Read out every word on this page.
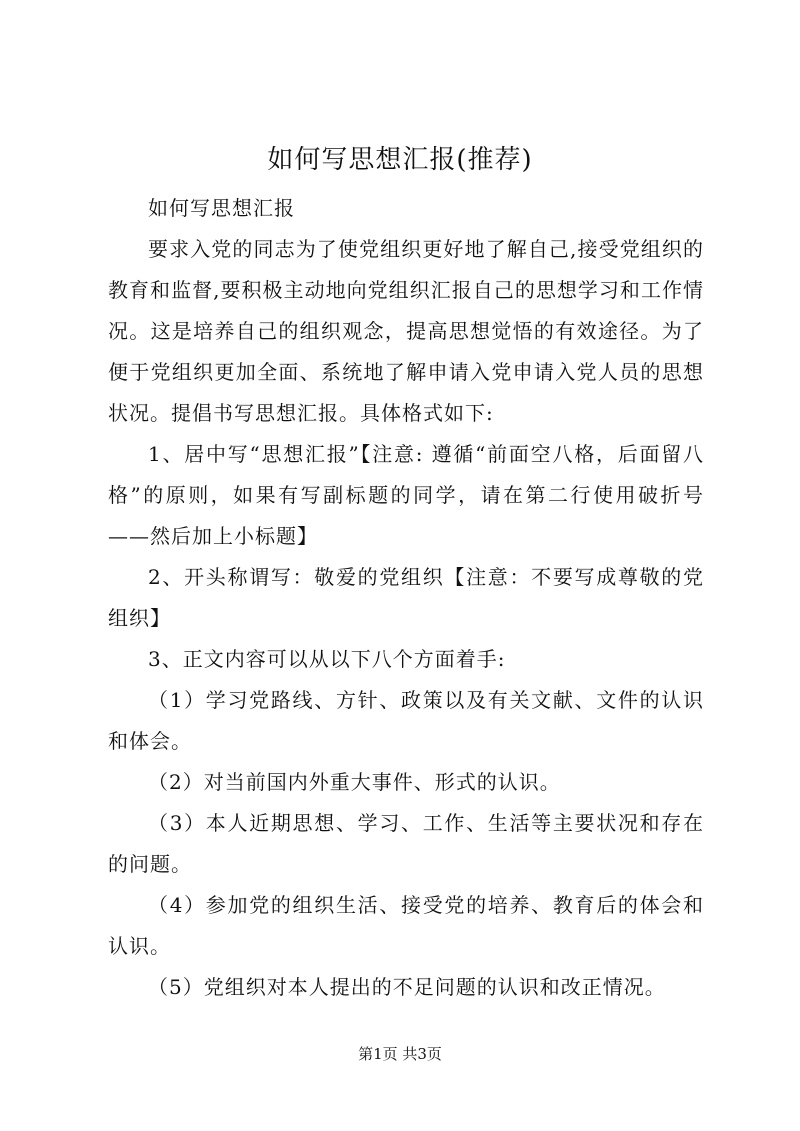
如何写思想汇报(推荐)

如何写思想汇报

要求入党的同志为了使党组织更好地了解自己,接受党组织的教育和监督,要积极主动地向党组织汇报自己的思想学习和工作情况。这是培养自己的组织观念，提高思想觉悟的有效途径。为了便于党组织更加全面、系统地了解申请入党申请入党人员的思想状况。提倡书写思想汇报。具体格式如下:

1、居中写“思想汇报”【注意: 遵循“前面空八格，后面留八格”的原则，如果有写副标题的同学，请在第二行使用破折号——然后加上小标题】

2、开头称谓写：敬爱的党组织【注意：不要写成尊敬的党组织】

3、正文内容可以从以下八个方面着手:

（1）学习党路线、方针、政策以及有关文献、文件的认识和体会。

（2）对当前国内外重大事件、形式的认识。

（3）本人近期思想、学习、工作、生活等主要状况和存在的问题。

（4）参加党的组织生活、接受党的培养、教育后的体会和认识。

（5）党组织对本人提出的不足问题的认识和改正情况。

第1页 共3页
